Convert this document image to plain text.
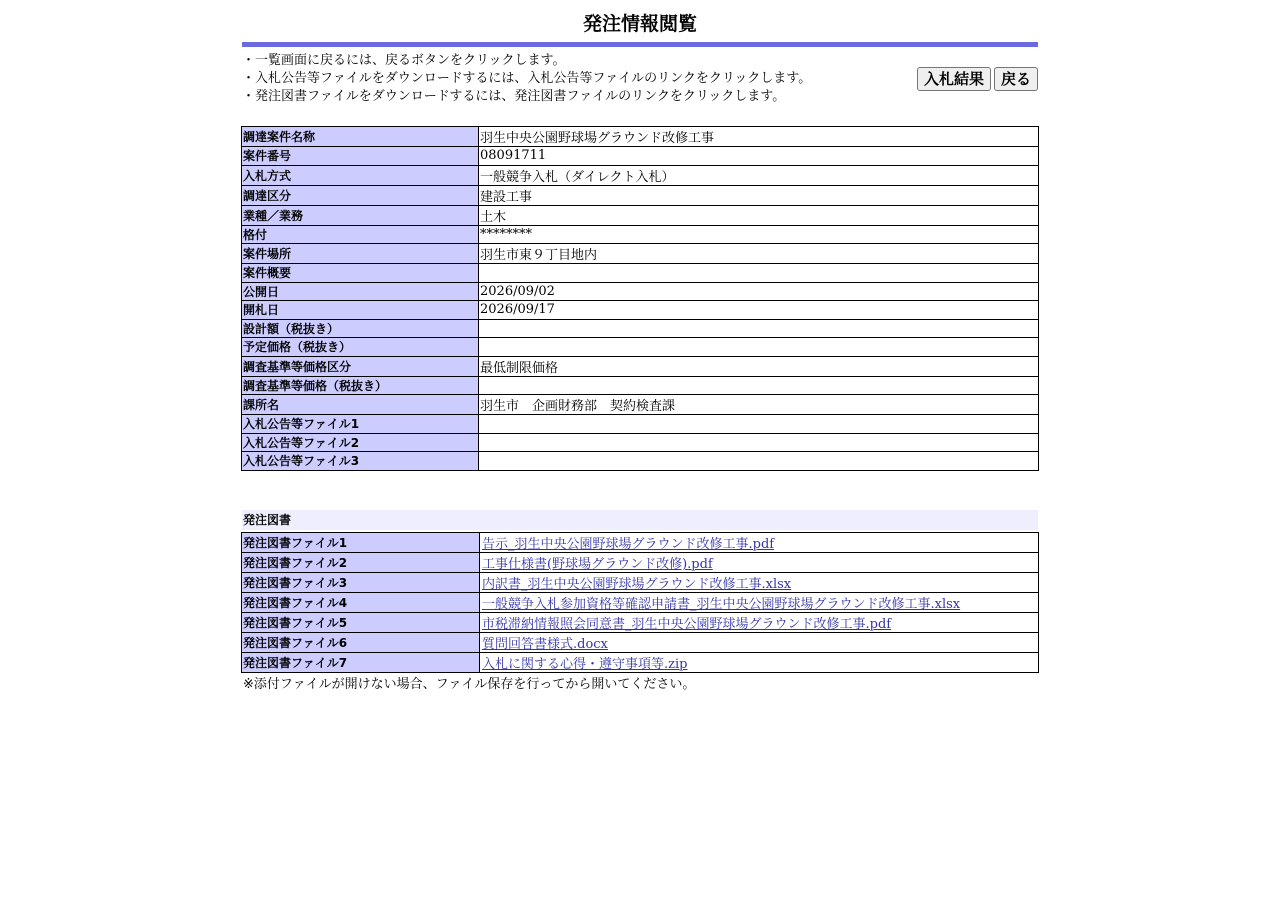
発注情報閲覧
・一覧画面に戻るには、戻るボタンをクリックします。
・入札公告等ファイルをダウンロードするには、入札公告等ファイルのリンクをクリックします。
・発注図書ファイルをダウンロードするには、発注図書ファイルのリンクをクリックします。
入札結果	戻る
調達案件名称	羽生中央公園野球場グラウンド改修工事
案件番号	08091711
入札方式	一般競争入札（ダイレクト入札）
調達区分	建設工事
業種／業務	土木
格付	********
案件場所	羽生市東９丁目地内
案件概要	
公開日	2026/09/02
開札日	2026/09/17
設計額（税抜き）	
予定価格（税抜き）	
調査基準等価格区分	最低制限価格
調査基準等価格（税抜き）	
課所名	羽生市　企画財務部　契約検査課
入札公告等ファイル1	
入札公告等ファイル2	
入札公告等ファイル3	
発注図書
発注図書ファイル1	告示_羽生中央公園野球場グラウンド改修工事.pdf
発注図書ファイル2	工事仕様書(野球場グラウンド改修).pdf
発注図書ファイル3	内訳書_羽生中央公園野球場グラウンド改修工事.xlsx
発注図書ファイル4	一般競争入札参加資格等確認申請書_羽生中央公園野球場グラウンド改修工事.xlsx
発注図書ファイル5	市税滞納情報照会同意書_羽生中央公園野球場グラウンド改修工事.pdf
発注図書ファイル6	質問回答書様式.docx
発注図書ファイル7	入札に関する心得・遵守事項等.zip
※添付ファイルが開けない場合、ファイル保存を行ってから開いてください。
